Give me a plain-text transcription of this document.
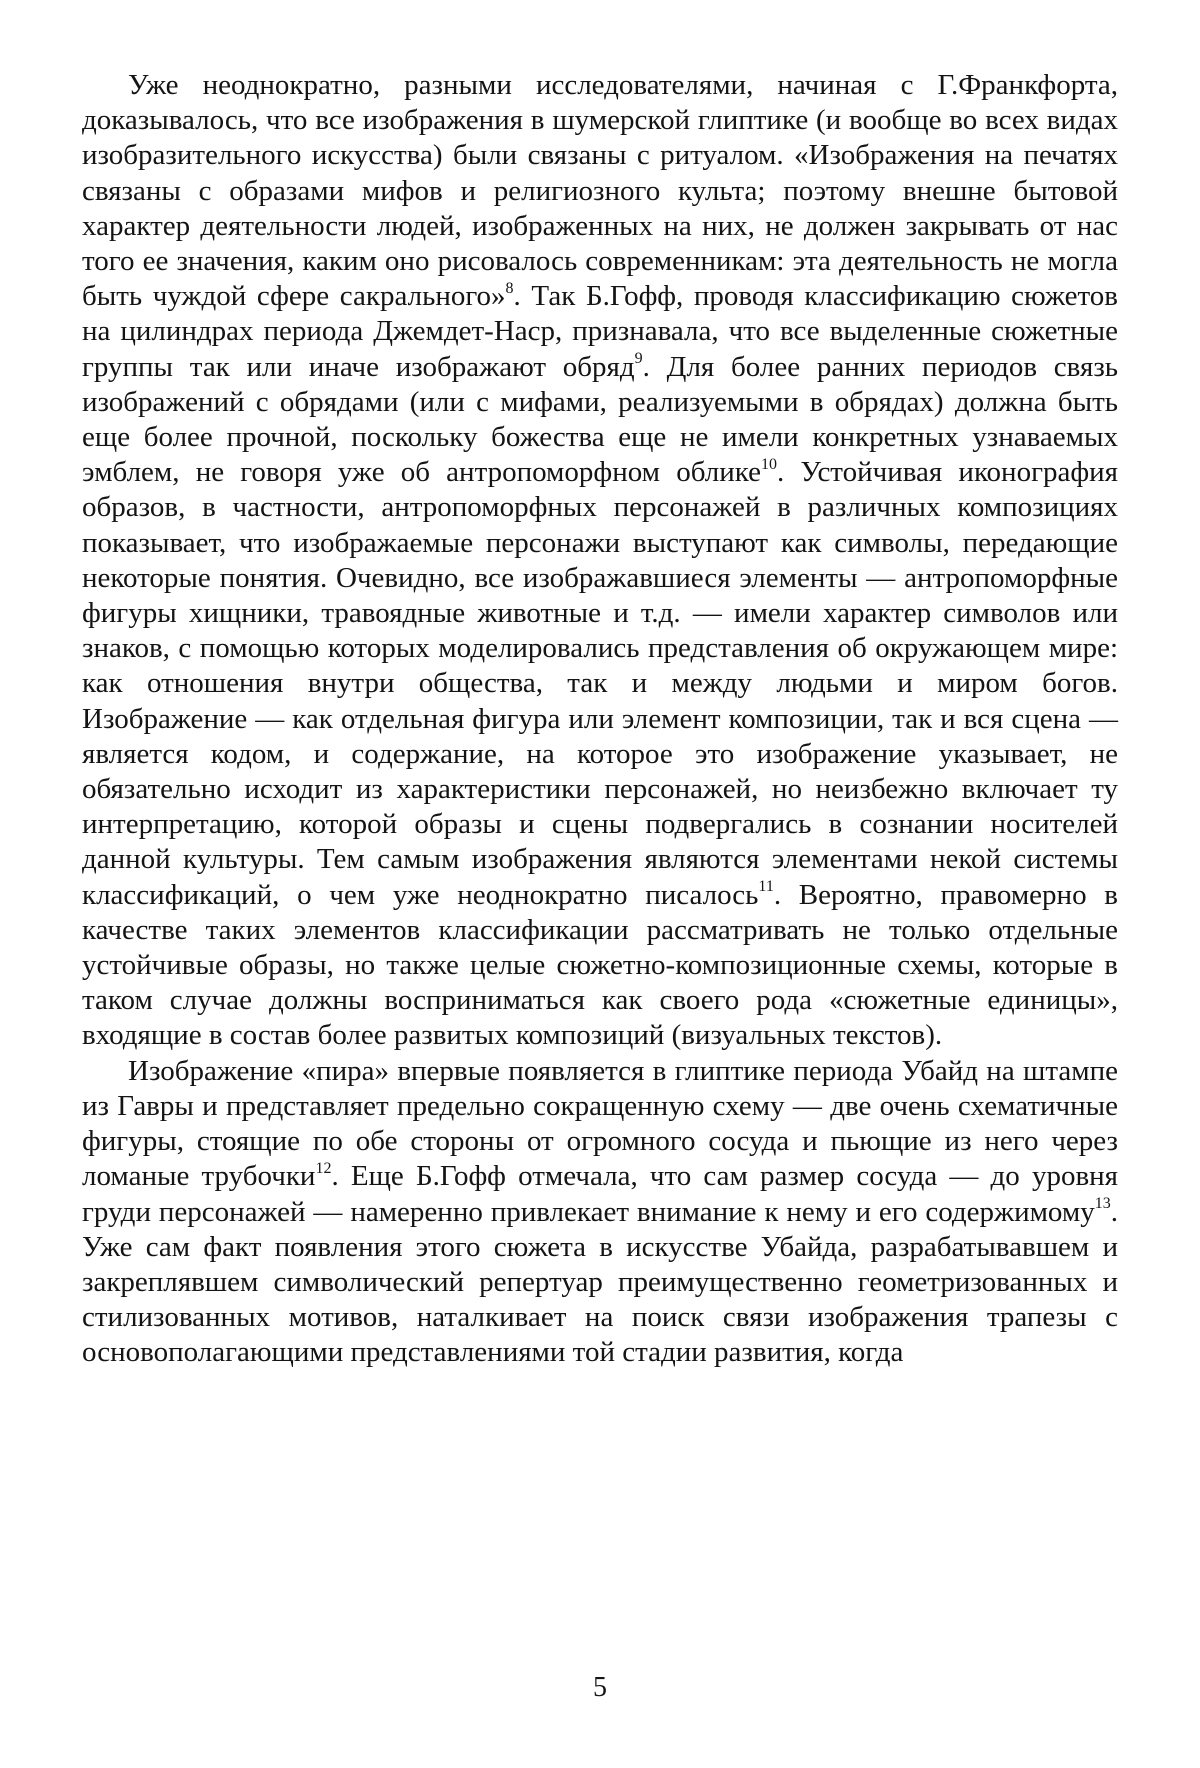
Уже неоднократно, разными исследователями, начиная с Г.Франкфорта, доказывалось, что все изображения в шумерской глиптике (и вообще во всех видах изобразительного искусства) были связаны с ритуалом. «Изображения на печатях связаны с образами мифов и религиозного культа; поэтому внешне бытовой характер деятельности людей, изображенных на них, не должен закрывать от нас того ее значения, каким оно рисовалось современникам: эта деятельность не могла быть чуждой сфере сакрального»$^8$. Так Б.Гофф, проводя классификацию сюжетов на цилиндрах периода Джемдет-Наср, признавала, что все выделенные сюжетные группы так или иначе изображают обряд$^9$. Для более ранних периодов связь изображений с обрядами (или с мифами, реализуемыми в обрядах) должна быть еще более прочной, поскольку божества еще не имели конкретных узнаваемых эмблем, не говоря уже об антропоморфном облике$^{10}$. Устойчивая иконография образов, в частности, антропоморфных персонажей в различных композициях показывает, что изображаемые персонажи выступают как символы, передающие некоторые понятия. Очевидно, все изображавшиеся элементы — антропоморфные фигуры хищники, травоядные животные и т.д. — имели характер символов или знаков, с помощью которых моделировались представления об окружающем мире: как отношения внутри общества, так и между людьми и миром богов. Изображение — как отдельная фигура или элемент композиции, так и вся сцена — является кодом, и содержание, на которое это изображение указывает, не обязательно исходит из характеристики персонажей, но неизбежно включает ту интерпретацию, которой образы и сцены подвергались в сознании носителей данной культуры. Тем самым изображения являются элементами некой системы классификаций, о чем уже неоднократно писалось$^{11}$. Вероятно, правомерно в качестве таких элементов классификации рассматривать не только отдельные устойчивые образы, но также целые сюжетно-композиционные схемы, которые в таком случае должны восприниматься как своего рода «сюжетные единицы», входящие в состав более развитых композиций (визуальных текстов).

Изображение «пира» впервые появляется в глиптике периода Убайд на штампе из Гавры и представляет предельно сокращенную схему — две очень схематичные фигуры, стоящие по обе стороны от огромного сосуда и пьющие из него через ломаные трубочки$^{12}$. Еще Б.Гофф отмечала, что сам размер сосуда — до уровня груди персонажей — намеренно привлекает внимание к нему и его содержимому$^{13}$. Уже сам факт появления этого сюжета в искусстве Убайда, разрабатывавшем и закреплявшем символический репертуар преимущественно геометризованных и стилизованных мотивов, наталкивает на поиск связи изображения трапезы с основополагающими представлениями той стадии развития, когда

5
